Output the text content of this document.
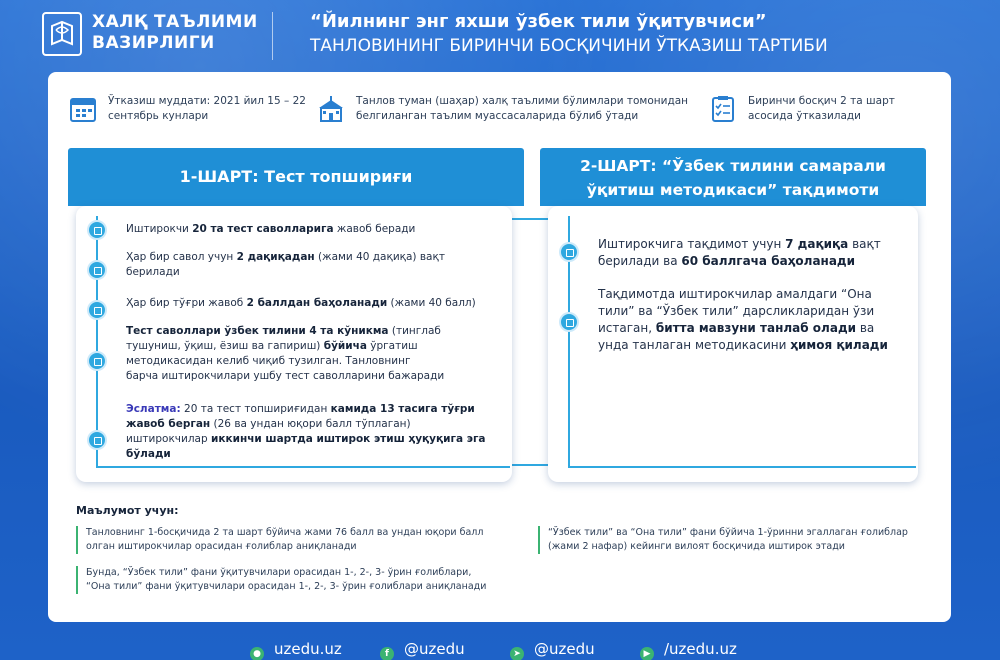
ХАЛҚ ТАЪЛИМИ
ВАЗИРЛИГИ
“Йилнинг энг яхши ўзбек тили ўқитувчиси”
ТАНЛОВИНИНГ БИРИНЧИ БОСҚИЧИНИ ЎТКАЗИШ ТАРТИБИ
Ўтказиш муддати: 2021 йил 15 – 22
сентябрь кунлари
Танлов туман (шаҳар) халқ таълими бўлимлари томонидан
белгиланган таълим муассасаларида бўлиб ўтади
Биринчи босқич 2 та шарт
асосида ўтказилади
1-ШАРТ: Тест топшириғи
2-ШАРТ: “Ўзбек тилини самарали
ўқитиш методикаси” тақдимоти
Иштирокчи 20 та тест саволларига жавоб беради
Ҳар бир савол учун 2 дақиқадан (жами 40 дақиқа) вақт
берилади
Ҳар бир тўғри жавоб 2 баллдан баҳоланади (жами 40 балл)
Тест саволлари ўзбек тилини 4 та кўникма (тинглаб
тушуниш, ўқиш, ёзиш ва гапириш) бўйича ўргатиш
методикасидан келиб чиқиб тузилган. Танловнинг
барча иштирокчилари ушбу тест саволларини бажаради
Эслатма: 20 та тест топшириғидан камида 13 тасига тўғри
жавоб берган (26 ва ундан юқори балл тўплаган)
иштирокчилар иккинчи шартда иштирок этиш ҳуқуқига эга
бўлади
Иштирокчига тақдимот учун 7 дақиқа вақт
берилади ва 60 баллгача баҳоланади
Тақдимотда иштирокчилар амалдаги “Она
тили” ва “Ўзбек тили” дарсликларидан ўзи
истаган, битта мавзуни танлаб олади ва
унда танлаган методикасини ҳимоя қилади
Маълумот учун:
Танловнинг 1-босқичида 2 та шарт бўйича жами 76 балл ва ундан юқори балл
олган иштирокчилар орасидан ғолиблар аниқланади
Бунда, “Ўзбек тили” фани ўқитувчилари орасидан 1-, 2-, 3- ўрин ғолиблари,
“Она тили” фани ўқитувчилари орасидан 1-, 2-, 3- ўрин ғолиблари аниқланади
“Ўзбек тили” ва “Она тили” фани бўйича 1-ўринни эгаллаган ғолиблар
(жами 2 нафар) кейинги вилоят босқичида иштирок этади
● uzedu.uz	f @uzedu	➤ @uzedu	▶ /uzedu.uz
